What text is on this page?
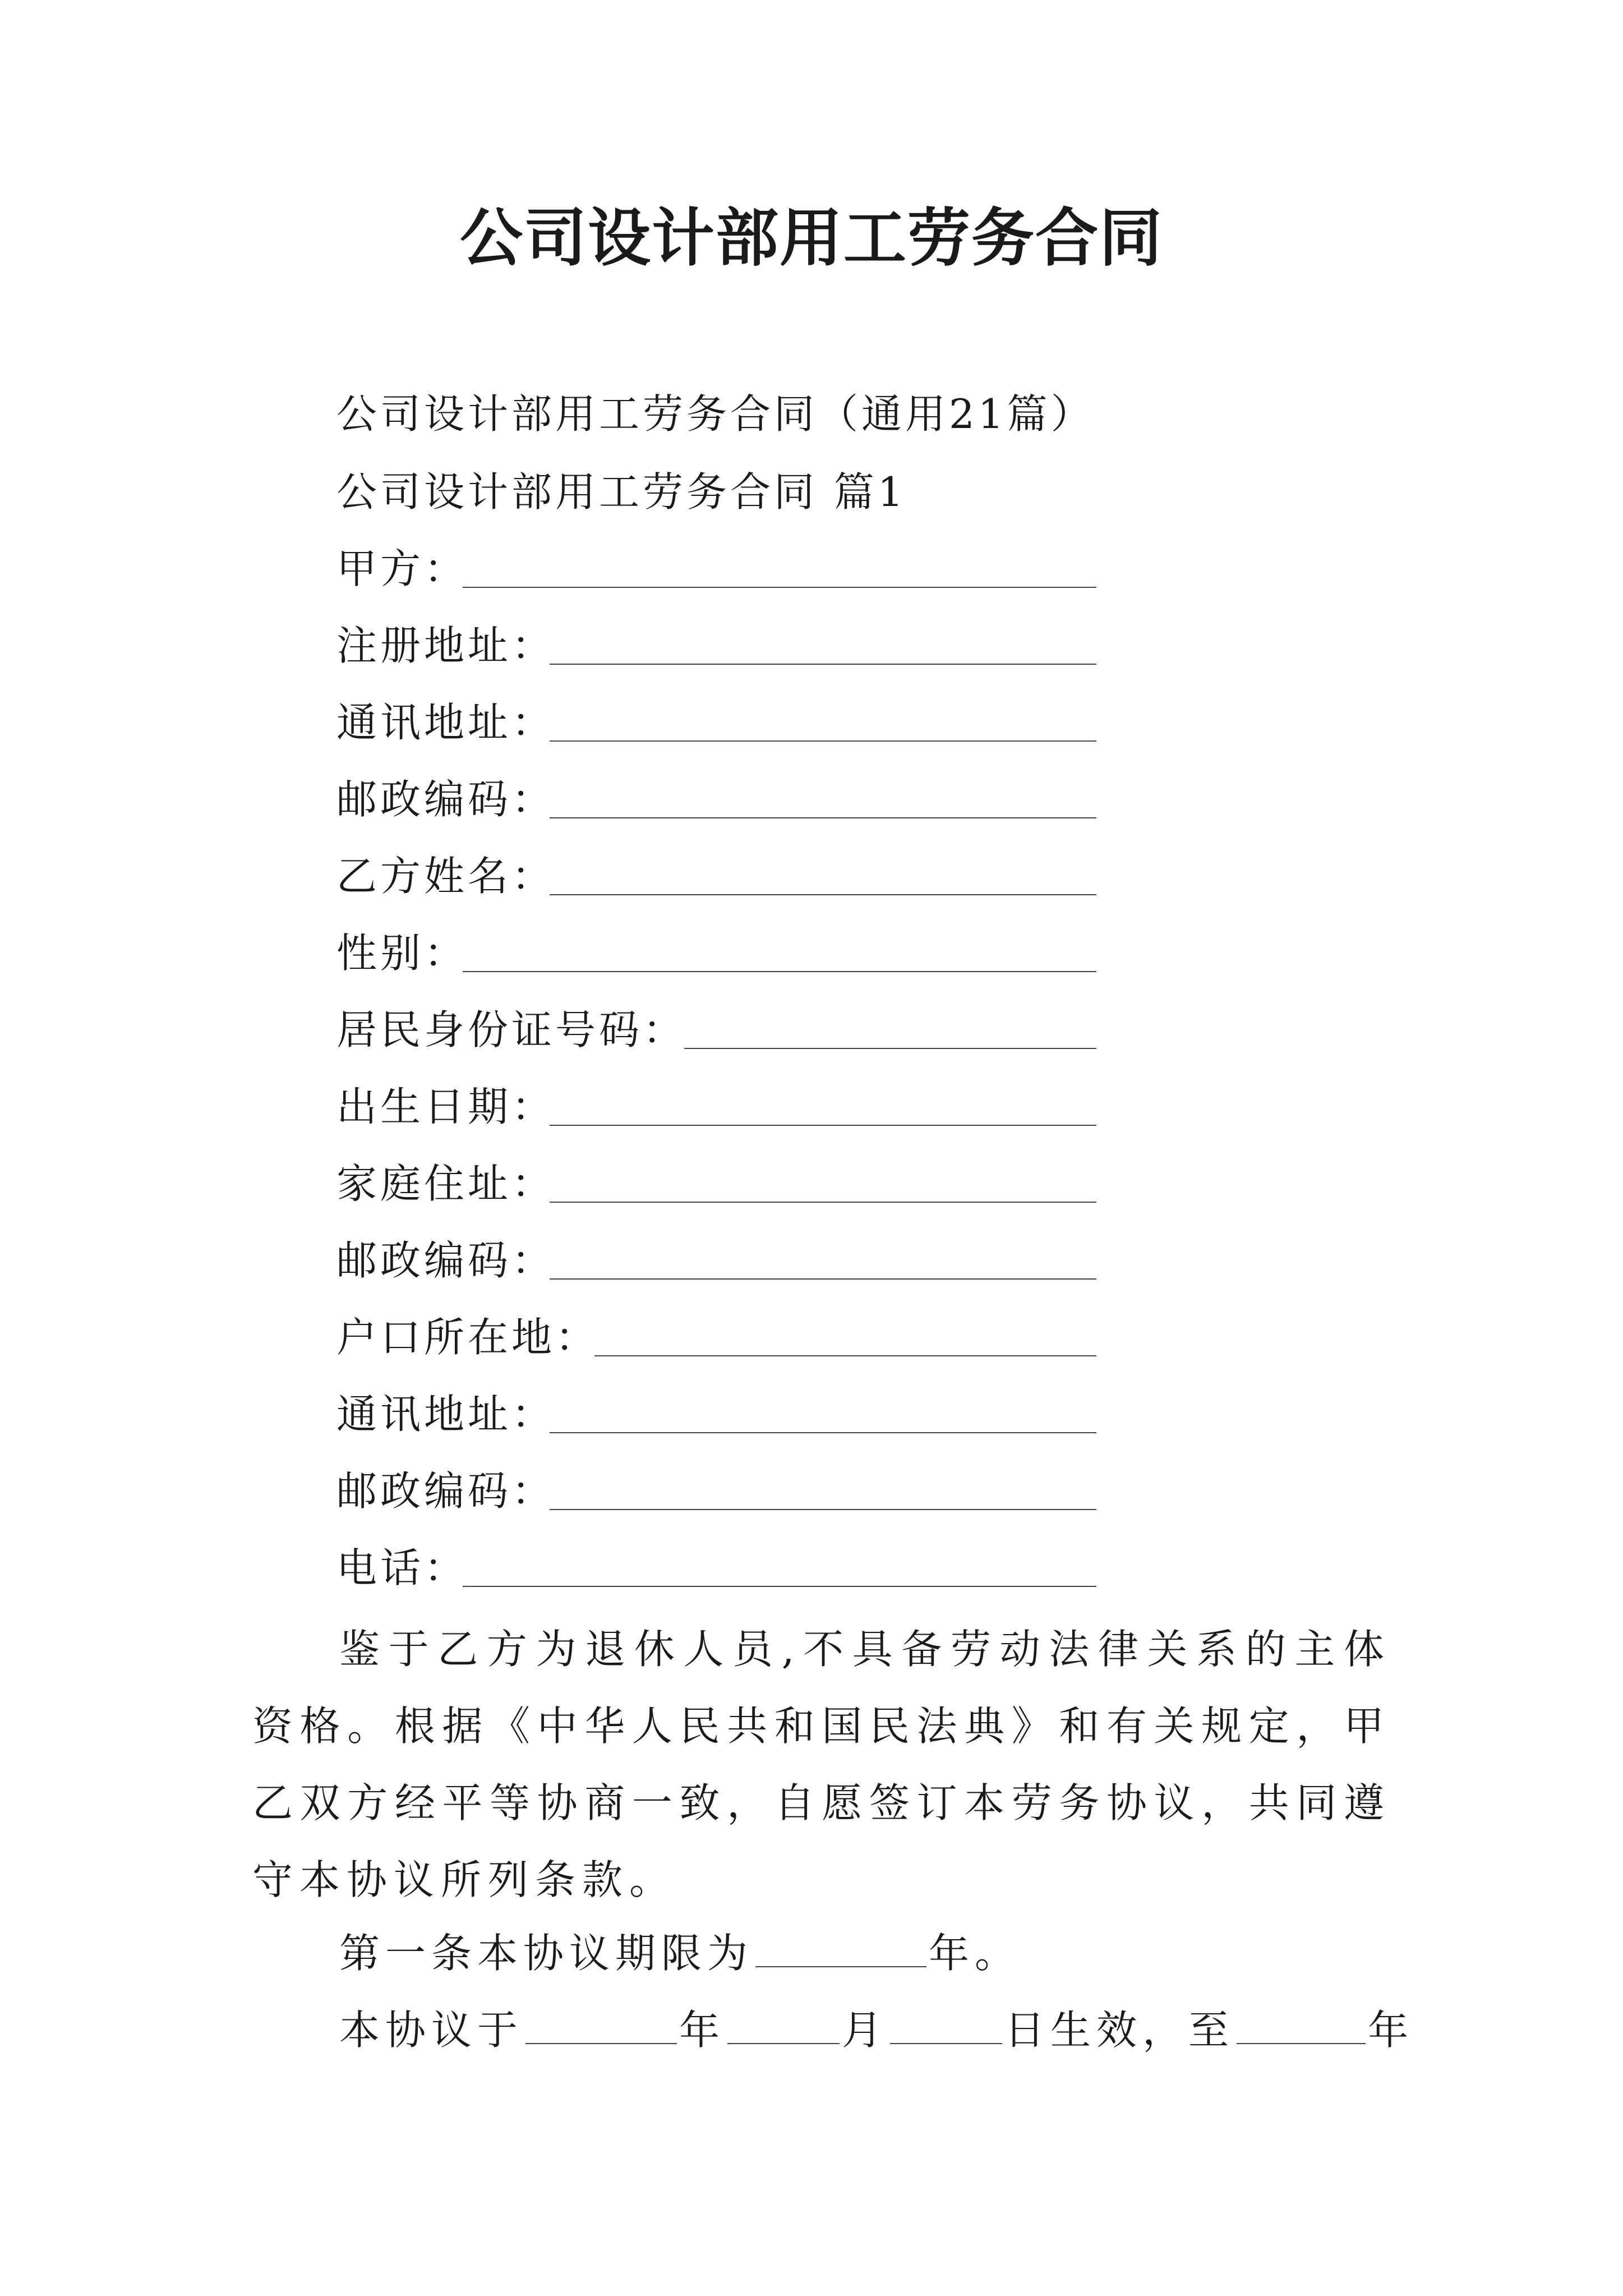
公司设计部用工劳务合同
公司设计部用工劳务合同（通用21篇）
公司设计部用工劳务合同 篇1
甲方：
注册地址：
通讯地址：
邮政编码：
乙方姓名：
性别：
居民身份证号码：
出生日期：
家庭住址：
邮政编码：
户口所在地：
通讯地址：
邮政编码：
电话：
鉴于乙方为退休人员,不具备劳动法律关系的主体资格。根据《中华人民共和国民法典》和有关规定，甲乙双方经平等协商一致，自愿签订本劳务协议，共同遵守本协议所列条款。
第一条本协议期限为	年。
本协议于	年	月	日生效，至	年
